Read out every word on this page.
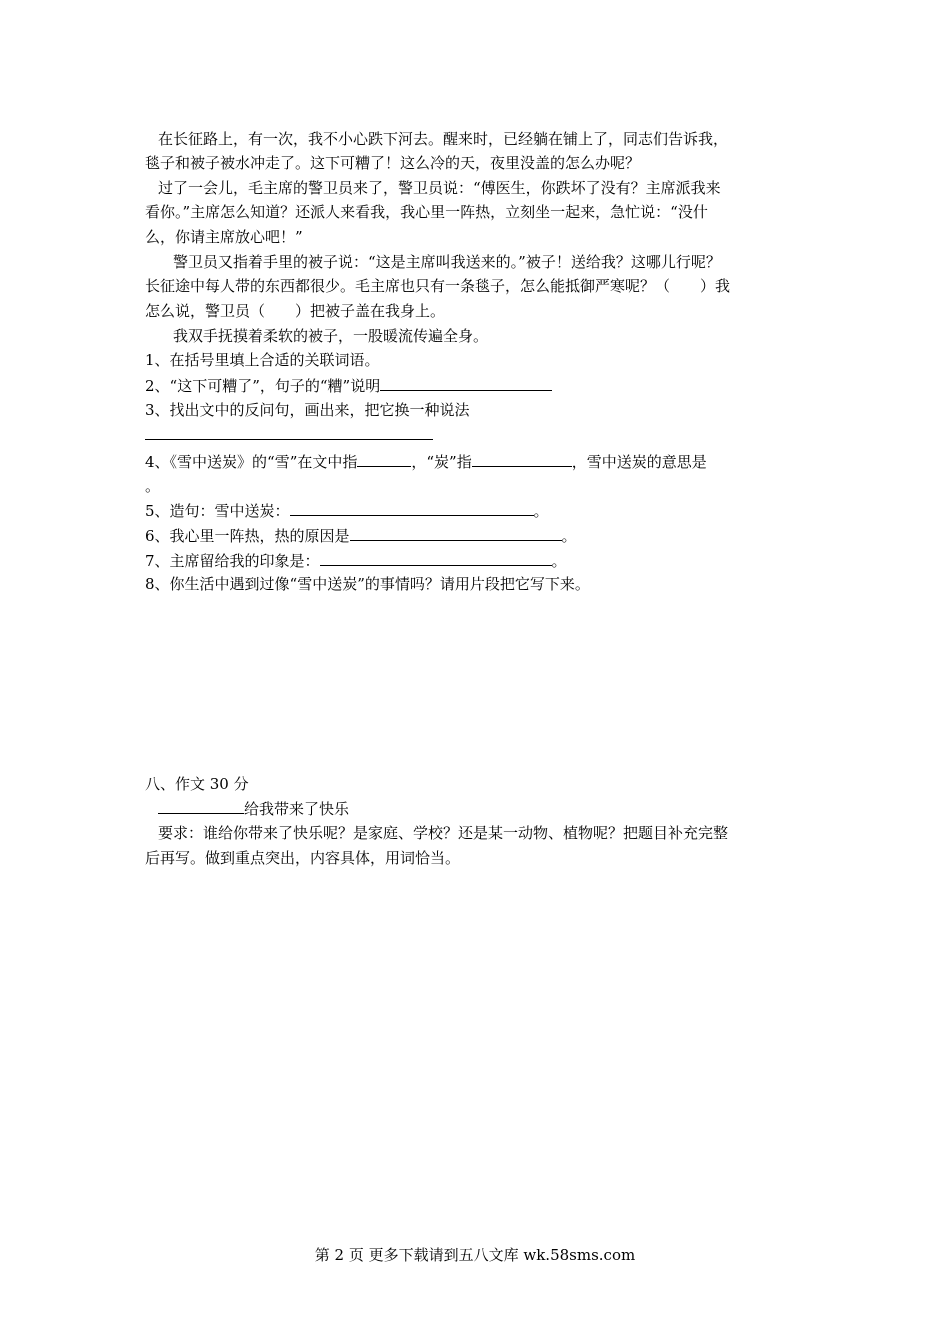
在长征路上，有一次，我不小心跌下河去。醒来时，已经躺在铺上了，同志们告诉我，
毯子和被子被水冲走了。这下可糟了！这么冷的天，夜里没盖的怎么办呢？
过了一会儿，毛主席的警卫员来了，警卫员说：“傅医生，你跌坏了没有？主席派我来
看你。”主席怎么知道？还派人来看我，我心里一阵热，立刻坐一起来，急忙说：“没什
么，你请主席放心吧！”
警卫员又指着手里的被子说：“这是主席叫我送来的。”被子！送给我？这哪儿行呢？
长征途中每人带的东西都很少。毛主席也只有一条毯子，怎么能抵御严寒呢？（　　）我
怎么说，警卫员（　　）把被子盖在我身上。
我双手抚摸着柔软的被子，一股暖流传遍全身。
1、在括号里填上合适的关联词语。
2、“这下可糟了”，句子的“糟”说明
3、找出文中的反问句，画出来，把它换一种说法
4、《雪中送炭》的“雪”在文中指	，“炭”指	，雪中送炭的意思是
。
5、造句：雪中送炭：	。
6、我心里一阵热，热的原因是	。
7、主席留给我的印象是：	。
8、你生活中遇到过像“雪中送炭”的事情吗？请用片段把它写下来。
八、作文 30 分
给我带来了快乐
要求：谁给你带来了快乐呢？是家庭、学校？还是某一动物、植物呢？把题目补充完整
后再写。做到重点突出，内容具体，用词恰当。
第 2 页 更多下载请到五八文库 wk.58sms.com
